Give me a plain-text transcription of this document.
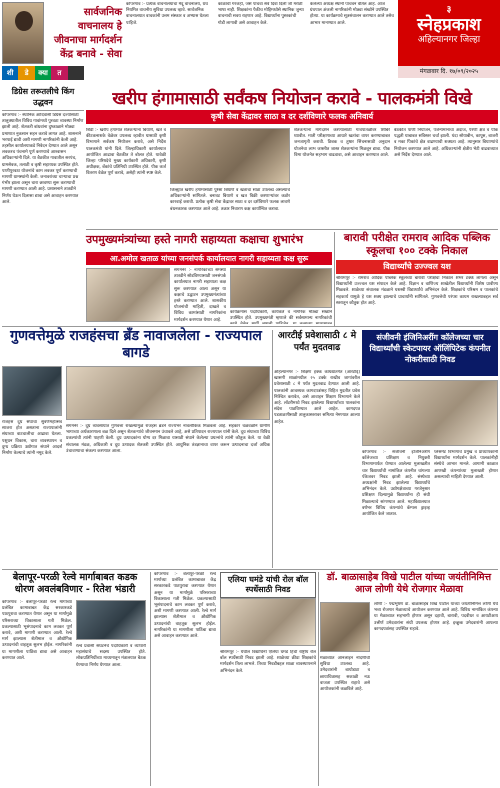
सार्वजनिक वाचनालय हे जीवनाचा मार्गदर्शन केंद्र बनावे - सेवा

कोपरगाव :- प्रत्येक वाचनालयाचा मेंदू वाचनालय, ग्रंथ नियमित वाचनीय सुविधा उपलब्ध व्हावे. सार्वजनिक वाचनालयात वाचकांनी उत्तम संस्कार व अभ्यास घेतला पाहिजे.

काळाची गरजही, जसे पाचवा सर्व दिवा दिली जी मराठी भाषा नाही. शिक्षकांना पैकीच मोहिमध्येसे स्थानिक जुन्या वाचनाची सवय राहणार आहे. विद्यार्थ्यांना पुस्तकांची गोडी लागावी असे आवाहन केले.

केलेल्या अध्यक्ष स्थानी पाचवन वेतिल आहे. आज ग्रंथपाल अंजली नागरिकांनी मोठ्या संख्येने उपस्थित होत्या. या कार्यक्रमाचे सूत्रसंचालन करण्यात आले तसेच आभार मानण्यात आले.

३
स्नेहप्रकाश
अहिल्यानगर जिल्हा
मंगळवार दि. १७/०९/२०२५
शी	डे	क्या	त
डिग्रेस तरूतलीचे किंग उद्धवन
कोपरगाव :- स्थानिक आदिवासी डिग्रेस दर्ज्यांसाठी तालुक्यातील विविध गावांमध्ये पुरवठा व्यवस्था निर्माण झाली आहे. शेतकरी बांधवांना दुष्काळाने मोठ्या प्रमाणात नुकसान सहन करावे लागत आहे. शासनाने भरपाई द्यावी अशी मागणी नागरिकांनी केली आहे. तहसील कार्यालयाकडे निवेदन देण्यात आले असून लवकरच पंचनामे पूर्ण करण्याचे आश्वासन अधिकाऱ्यांनी दिले. या बैठकीत गावातील सरपंच, ग्रामसेवक, तलाठी व कृषी सहाय्यक उपस्थित होते. पाणीपुरवठा योजनांचे काम लवकर पूर्ण करण्याची मागणी ग्रामस्थांनी केली. जनावरांच्या चाऱ्याचा प्रश्न गंभीर झाला असून चारा छावण्या सुरू करण्याची मागणी करण्यात आली आहे. प्रशासनाने तातडीने निर्णय घेऊन दिलासा द्यावा असे आवाहन करण्यात आले.
खरीप हंगामासाठी सर्वंकष नियोजन करावे - पालकमंत्री विखे
कृषी सेवा केंद्रावर साठा व दर दर्शविणारे फलक अनिवार्य
शिर्डी :- खरीप हंगामात शेतकऱ्यांना बियाणे, खते व कीटकनाशके वेळेवर उपलब्ध व्हावीत यासाठी कृषी विभागाने सर्वंकष नियोजन करावे, असे निर्देश पालकमंत्री यांनी दिले. जिल्हाधिकारी कार्यालयात आयोजित आढावा बैठकीत ते बोलत होते. यावेळी जिल्हा परिषदेचे मुख्य कार्यकारी अधिकारी, कृषी अधीक्षक, बँकांचे प्रतिनिधी उपस्थित होते. पीक कर्ज वितरण वेळेत पूर्ण करावे, असेही त्यांनी स्पष्ट केले.
जिल्ह्यात खरीप हंगामासाठी पुरेसा बियाणे व खतांचा साठा उपलब्ध असल्याचे अधिकाऱ्यांनी सांगितले. बनावट बियाणे व खत विक्री करणाऱ्यांवर कठोर कारवाई करावी. प्रत्येक कृषी सेवा केंद्रावर साठा व दर दर्शविणारे फलक लावणे बंधनकारक करण्यात आले आहे. तक्रार निवारण कक्ष कार्यान्वित करावा.
शेतकऱ्यांना मार्गदर्शन करण्यासाठी गावपातळीवर शिबिरे घ्यावीत. माती परीक्षणाच्या आधारे खतांचा वापर करण्याबाबत जनजागृती करावी. ठिबक व तुषार सिंचनासाठी अनुदान योजनेचा लाभ जास्तीत जास्त शेतकऱ्यांना मिळवून द्यावा. पीक विमा योजनेत सहभाग वाढवावा, असे आवाहन करण्यात आले.
बैठकीत पाणी नियोजन, पर्जन्यमानाचा अंदाज, पेरणी क्षेत्र व पीक पद्धती याबाबत सविस्तर चर्चा झाली. यंदा सोयाबीन, कापूस, बाजरी व मका पिकांचे क्षेत्र वाढण्याची शक्यता आहे. त्यानुसार बियाण्यांचे नियोजन करण्यात आले आहे. अधिकाऱ्यांनी क्षेत्रीय भेटी वाढवाव्यात असे निर्देश देण्यात आले.
उपमुख्यमंत्र्यांच्या हस्ते नागरी सहाय्यता कक्षाचा शुभारंभ
आ.अमोल खताळ यांच्या जनसंपर्क कार्यालयात नागरी सहाय्यता कक्ष सुरू
संगमनेर :- नागरिकांच्या समस्या तातडीने सोडविण्यासाठी जनसंपर्क कार्यालयात नागरी सहाय्यता कक्ष सुरू करण्यात आला असून या कक्षाचे उद्घाटन उपमुख्यमंत्र्यांच्या हस्ते करण्यात आले. शासकीय योजनांची माहिती, दाखले व विविध कामांसाठी नागरिकांना मार्गदर्शन करण्यात येणार आहे.
कार्यक्रमास पदाधिकारी, कार्यकर्ते व नागरिक मोठ्या संख्येने उपस्थित होते. उपमुख्यमंत्री म्हणाले की सर्वसामान्य नागरिकांची
बारावी परीक्षेत रामराव आदिक पब्लिक स्कूलचा १०० टक्के निकाल
विद्यार्थ्यांचे उज्ज्वल यश
श्रीरामपूर :- रामराव आदिक पब्लिक स्कूलच्या बारावी परीक्षेचा निकाल शंभर टक्के लागला असून विद्यार्थ्यांनी उज्ज्वल यश संपादन केले आहे. विज्ञान व वाणिज्य शाखेतील विद्यार्थ्यांनी विशेष प्रावीण्य मिळवले. शाळेच्या संचालक मंडळाने यशस्वी विद्यार्थ्यांचे अभिनंदन केले. शिक्षकांचे परिश्रम व पालकांचे सहकार्य यामुळे हे यश शक्य झाल्याचे प्राचार्यांनी सांगितले. गुणवत्तेची परंपरा कायम राखल्याबद्दल सर्व स्तरातून कौतुक होत आहे.
गुणवत्तेमुळे राजहंसचा ब्रँड नावाजलेला - राज्यपाल बागडे
राजहंस दूध संघाचा सुवर्णमहोत्सव साजरा होत असताना राज्यपालांनी संघाच्या वाटचालीचा आढावा घेतला. पशुधन विकास, चारा व्यवस्थापन व दुग्ध प्रक्रिया उद्योगात संघाने आदर्श निर्माण केल्याचे त्यांनी नमूद केले.
संगमनेर :- दूध व्यवसायात गुणवत्ता राखल्यामुळे राजहंस ब्रँडने राज्यभर नावलौकिक मिळवला आहे. सहकार चळवळीने ग्रामीण भागाच्या अर्थकारणाला बळ दिले असून शेतकऱ्यांचे जीवनमान उंचावले आहे, असे प्रतिपादन राज्यपाल यांनी केले. दूध संघाच्या विविध प्रकल्पांची त्यांनी पाहणी केली. दूध उत्पादकांना योग्य दर मिळावा यासाठी संघाने केलेल्या प्रयत्नांचे त्यांनी कौतुक केले. या वेळी संचालक मंडळ, अधिकारी व दूध उत्पादक शेतकरी उपस्थित होते. आधुनिक तंत्रज्ञानाचा वापर करून उत्पादनाचा दर्जा अधिक उंचावण्याचा संकल्प करण्यात आला.
आरटीई प्रवेशासाठी ८ मे पर्यंत मुदतवाढ
अहिल्यानगर :- शिक्षण हक्क कायद्यांतर्गत (आरटीई) खासगी शाळांमधील २५ टक्के राखीव जागांवरील प्रवेशासाठी ८ मे पर्यंत मुदतवाढ देण्यात आली आहे. पालकांनी आवश्यक कागदपत्रांसह विहित मुदतीत प्रवेश निश्चित करावेत, असे आवाहन शिक्षण विभागाने केले आहे. लॉटरीमध्ये निवड झालेल्या विद्यार्थ्यांच्या पालकांना संदेश पाठविण्यात आले आहेत. कागदपत्र पडताळणीसाठी तालुकास्तरावर समित्या नेमण्यात आल्या आहेत.
संजीवनी इंजिनिअरींग कॉलेजच्या चार विद्यार्थ्यांची स्केटपायर ऑलिंपिटेक कंपनीत नोकरीसाठी निवड
कोपरगाव :- संजीवनी इंजिनिअरींग कॉलेजच्या प्रशिक्षण व नियुक्ती विभागामार्फत घेण्यात आलेल्या मुलाखतीत चार विद्यार्थ्यांची नामांकित कंपनीत चांगल्या पॅकेजवर निवड झाली आहे. संस्थेच्या अध्यक्षांनी निवड झालेल्या विद्यार्थ्यांचे अभिनंदन केले. उद्योगक्षेत्राच्या गरजेनुसार प्रशिक्षण दिल्यामुळे विद्यार्थ्यांना ही संधी मिळाल्याचे सांगण्यात आले. महाविद्यालयात वर्षभर विविध कंपन्यांचे कॅम्पस ड्राइव्ह आयोजित केले जातात.
प्लेसमेंट विभागाचे प्रमुख व प्राध्यापकांनी विद्यार्थ्यांना मार्गदर्शन केले. पालकांनीही संस्थेचे आभार मानले. आगामी काळात आणखी कंपन्यांच्या मुलाखती होणार असल्याची माहिती देण्यात आली.
बेलापूर-परळी रेल्वे मार्गाबाबत कडक धोरण अवलंबविणार - रितेश भंडारी
कोपरगाव :- बेलापूर-परळी रेल्वे मार्गाच्या प्रलंबित कामाबाबत केंद्र सरकारकडे पाठपुरावा करण्यात येणार असून या मार्गामुळे परिसराच्या विकासाला गती मिळेल. प्रकल्पासाठी भूसंपादनाचे काम लवकर पूर्ण करावे, अशी मागणी करण्यात आली. रेल्वे मार्ग झाल्यास शेतीमाल व औद्योगिक उत्पादनांची वाहतूक सुलभ होईल. नागरिकांनी या मागणीला पाठिंबा द्यावा असे आवाहन करण्यात आले.
रेल्वे प्रवासी संघटनेचे पदाधिकारी व व्यापारी महासंघाचे सदस्य उपस्थित होते. लोकप्रतिनिधींच्या माध्यमातून मंत्रालयात बैठक घेण्याचा निर्णय घेण्यात आला.
कोपरगाव :- बेलापूर-परळी रेल्वे मार्गाच्या प्रलंबित कामाबाबत केंद्र सरकारकडे पाठपुरावा करण्यात येणार असून या मार्गामुळे परिसराच्या विकासाला गती मिळेल. प्रकल्पासाठी भूसंपादनाचे काम लवकर पूर्ण करावे, अशी मागणी करण्यात आली. रेल्वे मार्ग झाल्यास शेतीमाल व औद्योगिक उत्पादनांची वाहतूक सुलभ होईल. नागरिकांनी या मागणीला पाठिंबा द्यावा असे आवाहन करण्यात आले.
एलिया घमंडे यांची रोल बॉल स्पर्धेसाठी निवड
श्रीरामपूर :- येथील विद्यार्थिनी एलिया घमंडे हिची राष्ट्रीय रोल बॉल स्पर्धेसाठी निवड झाली आहे. शाळेच्या क्रीडा शिक्षकांचे मार्गदर्शन तिला लाभले. तिच्या निवडीबद्दल शाळा व्यवस्थापनाने अभिनंदन केले.
डॉ. बाळासाहेब विखे पाटील यांच्या जयंतीनिमित्त आज लोणी येथे रोजगार मेळावा
लोणी :- पद्मभूषण डॉ. बाळासाहेब विखे पाटील यांच्या जयंतीनिमित्त लोणी येथे भव्य रोजगार मेळाव्याचे आयोजन करण्यात आले आहे. विविध नामांकित कंपन्या या मेळाव्यात सहभागी होणार असून दहावी, बारावी, पदवीधर व आयटीआय उत्तीर्ण उमेदवारांना संधी उपलब्ध होणार आहे. इच्छुक उमेदवारांनी आपल्या कागदपत्रांसह उपस्थित राहावे.
मेळाव्यात ऑनलाइन नोंदणीची सुविधा उपलब्ध आहे. उमेदवारांनी बायोडाटा व छायाचित्रासह सकाळी नऊ वाजता उपस्थित राहावे असे आयोजकांनी कळविले आहे.
